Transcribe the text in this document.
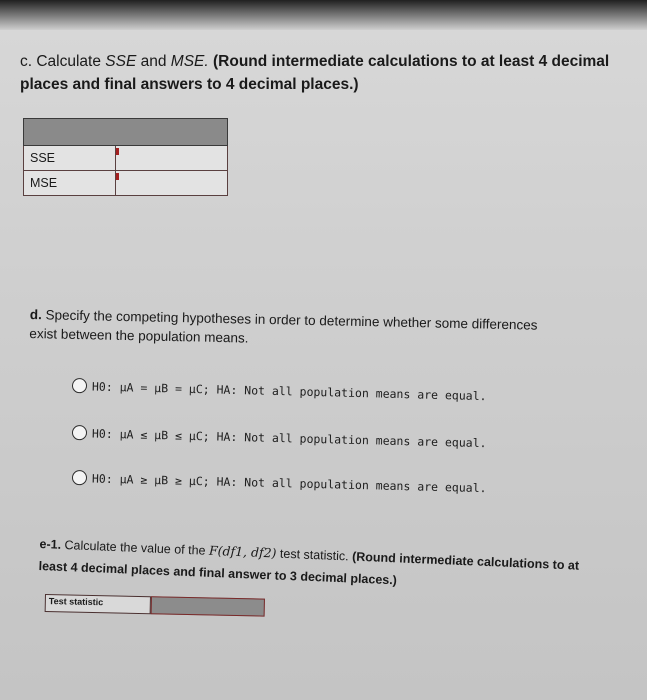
c. Calculate SSE and MSE. (Round intermediate calculations to at least 4 decimal places and final answers to 4 decimal places.)

SSE	
MSE	
d. Specify the competing hypotheses in order to determine whether some differences exist between the population means.
H0: μA = μB = μC; HA: Not all population means are equal.
H0: μA ≤ μB ≤ μC; HA: Not all population means are equal.
H0: μA ≥ μB ≥ μC; HA: Not all population means are equal.
e-1. Calculate the value of the F(df1, df2) test statistic. (Round intermediate calculations to at least 4 decimal places and final answer to 3 decimal places.)
Test statistic
